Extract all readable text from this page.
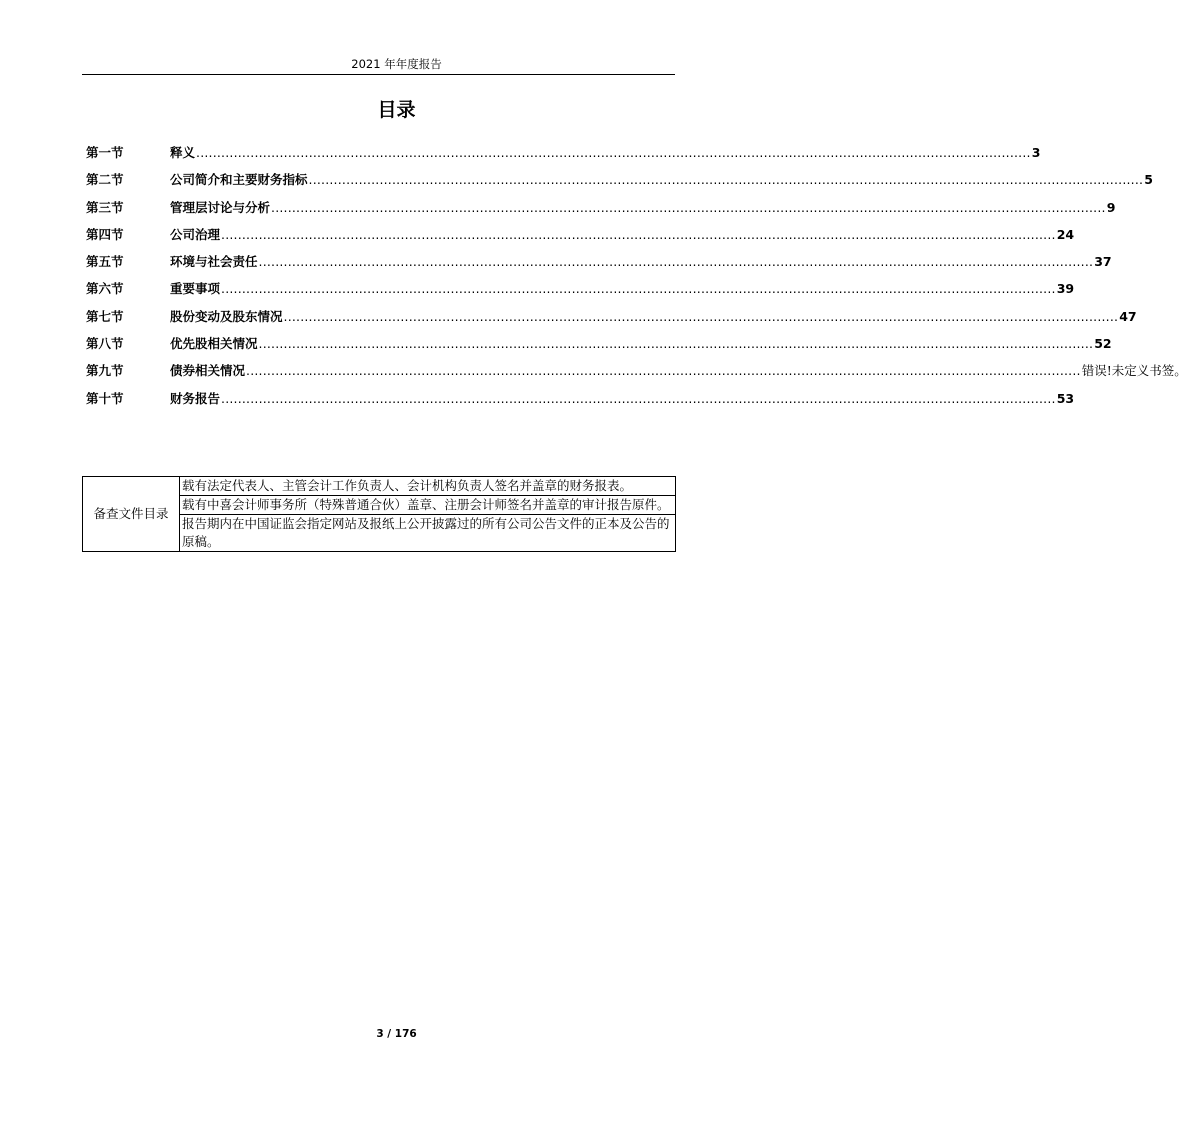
2021 年年度报告
目录
第一节	释义 ........................................................................................................................................................................................................ 3
第二节	公司简介和主要财务指标 ........................................................................................................................................................................................................ 5
第三节	管理层讨论与分析 ........................................................................................................................................................................................................ 9
第四节	公司治理 ........................................................................................................................................................................................................ 24
第五节	环境与社会责任 ........................................................................................................................................................................................................ 37
第六节	重要事项 ........................................................................................................................................................................................................ 39
第七节	股份变动及股东情况 ........................................................................................................................................................................................................ 47
第八节	优先股相关情况 ........................................................................................................................................................................................................ 52
第九节	债券相关情况 ........................................................................................................................................................................................................ 错误!未定义书签。
第十节	财务报告 ........................................................................................................................................................................................................ 53
备查文件目录	载有法定代表人、主管会计工作负责人、会计机构负责人签名并盖章的财务报表。
载有中喜会计师事务所（特殊普通合伙）盖章、注册会计师签名并盖章的审计报告原件。
报告期内在中国证监会指定网站及报纸上公开披露过的所有公司公告文件的正本及公告的原稿。
3 / 176
